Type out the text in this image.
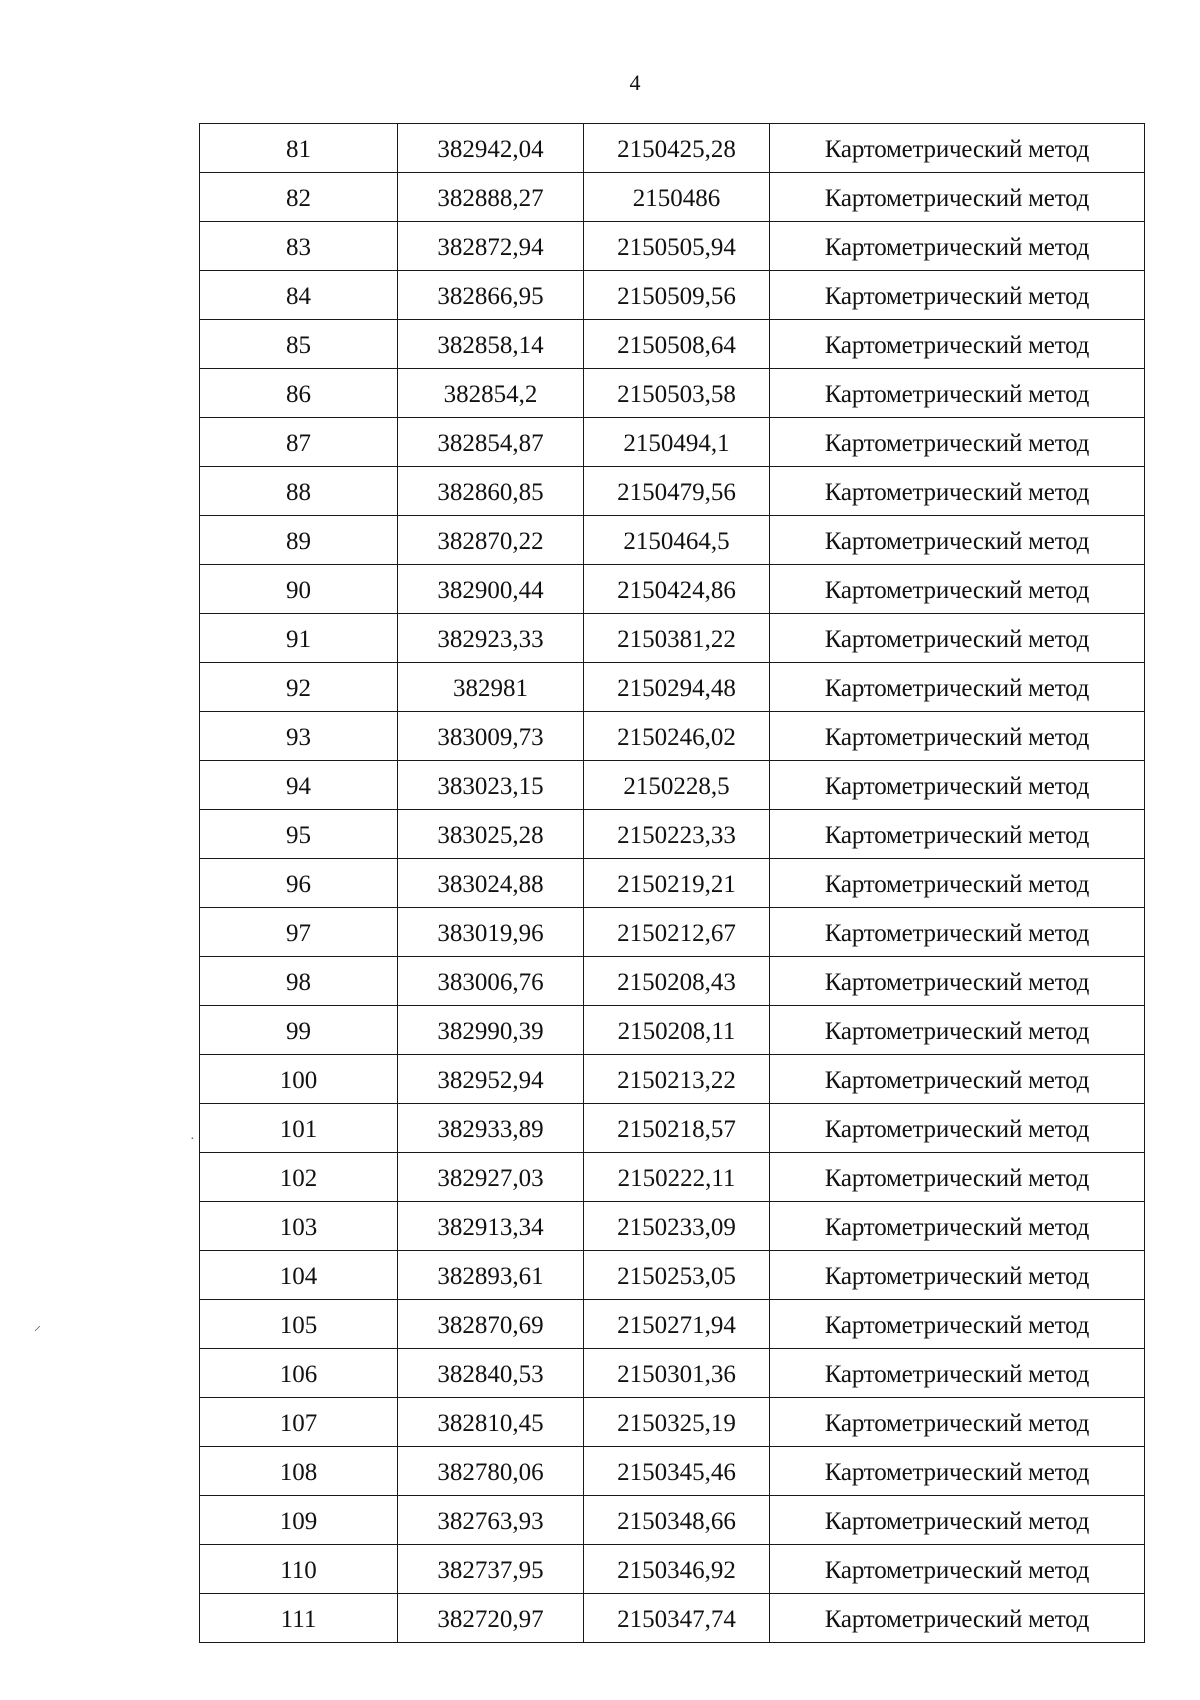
4
81	382942,04	2150425,28	Картометрический метод
82	382888,27	2150486	Картометрический метод
83	382872,94	2150505,94	Картометрический метод
84	382866,95	2150509,56	Картометрический метод
85	382858,14	2150508,64	Картометрический метод
86	382854,2	2150503,58	Картометрический метод
87	382854,87	2150494,1	Картометрический метод
88	382860,85	2150479,56	Картометрический метод
89	382870,22	2150464,5	Картометрический метод
90	382900,44	2150424,86	Картометрический метод
91	382923,33	2150381,22	Картометрический метод
92	382981	2150294,48	Картометрический метод
93	383009,73	2150246,02	Картометрический метод
94	383023,15	2150228,5	Картометрический метод
95	383025,28	2150223,33	Картометрический метод
96	383024,88	2150219,21	Картометрический метод
97	383019,96	2150212,67	Картометрический метод
98	383006,76	2150208,43	Картометрический метод
99	382990,39	2150208,11	Картометрический метод
100	382952,94	2150213,22	Картометрический метод
101	382933,89	2150218,57	Картометрический метод
102	382927,03	2150222,11	Картометрический метод
103	382913,34	2150233,09	Картометрический метод
104	382893,61	2150253,05	Картометрический метод
105	382870,69	2150271,94	Картометрический метод
106	382840,53	2150301,36	Картометрический метод
107	382810,45	2150325,19	Картометрический метод
108	382780,06	2150345,46	Картометрический метод
109	382763,93	2150348,66	Картометрический метод
110	382737,95	2150346,92	Картометрический метод
111	382720,97	2150347,74	Картометрический метод
·
⸝
